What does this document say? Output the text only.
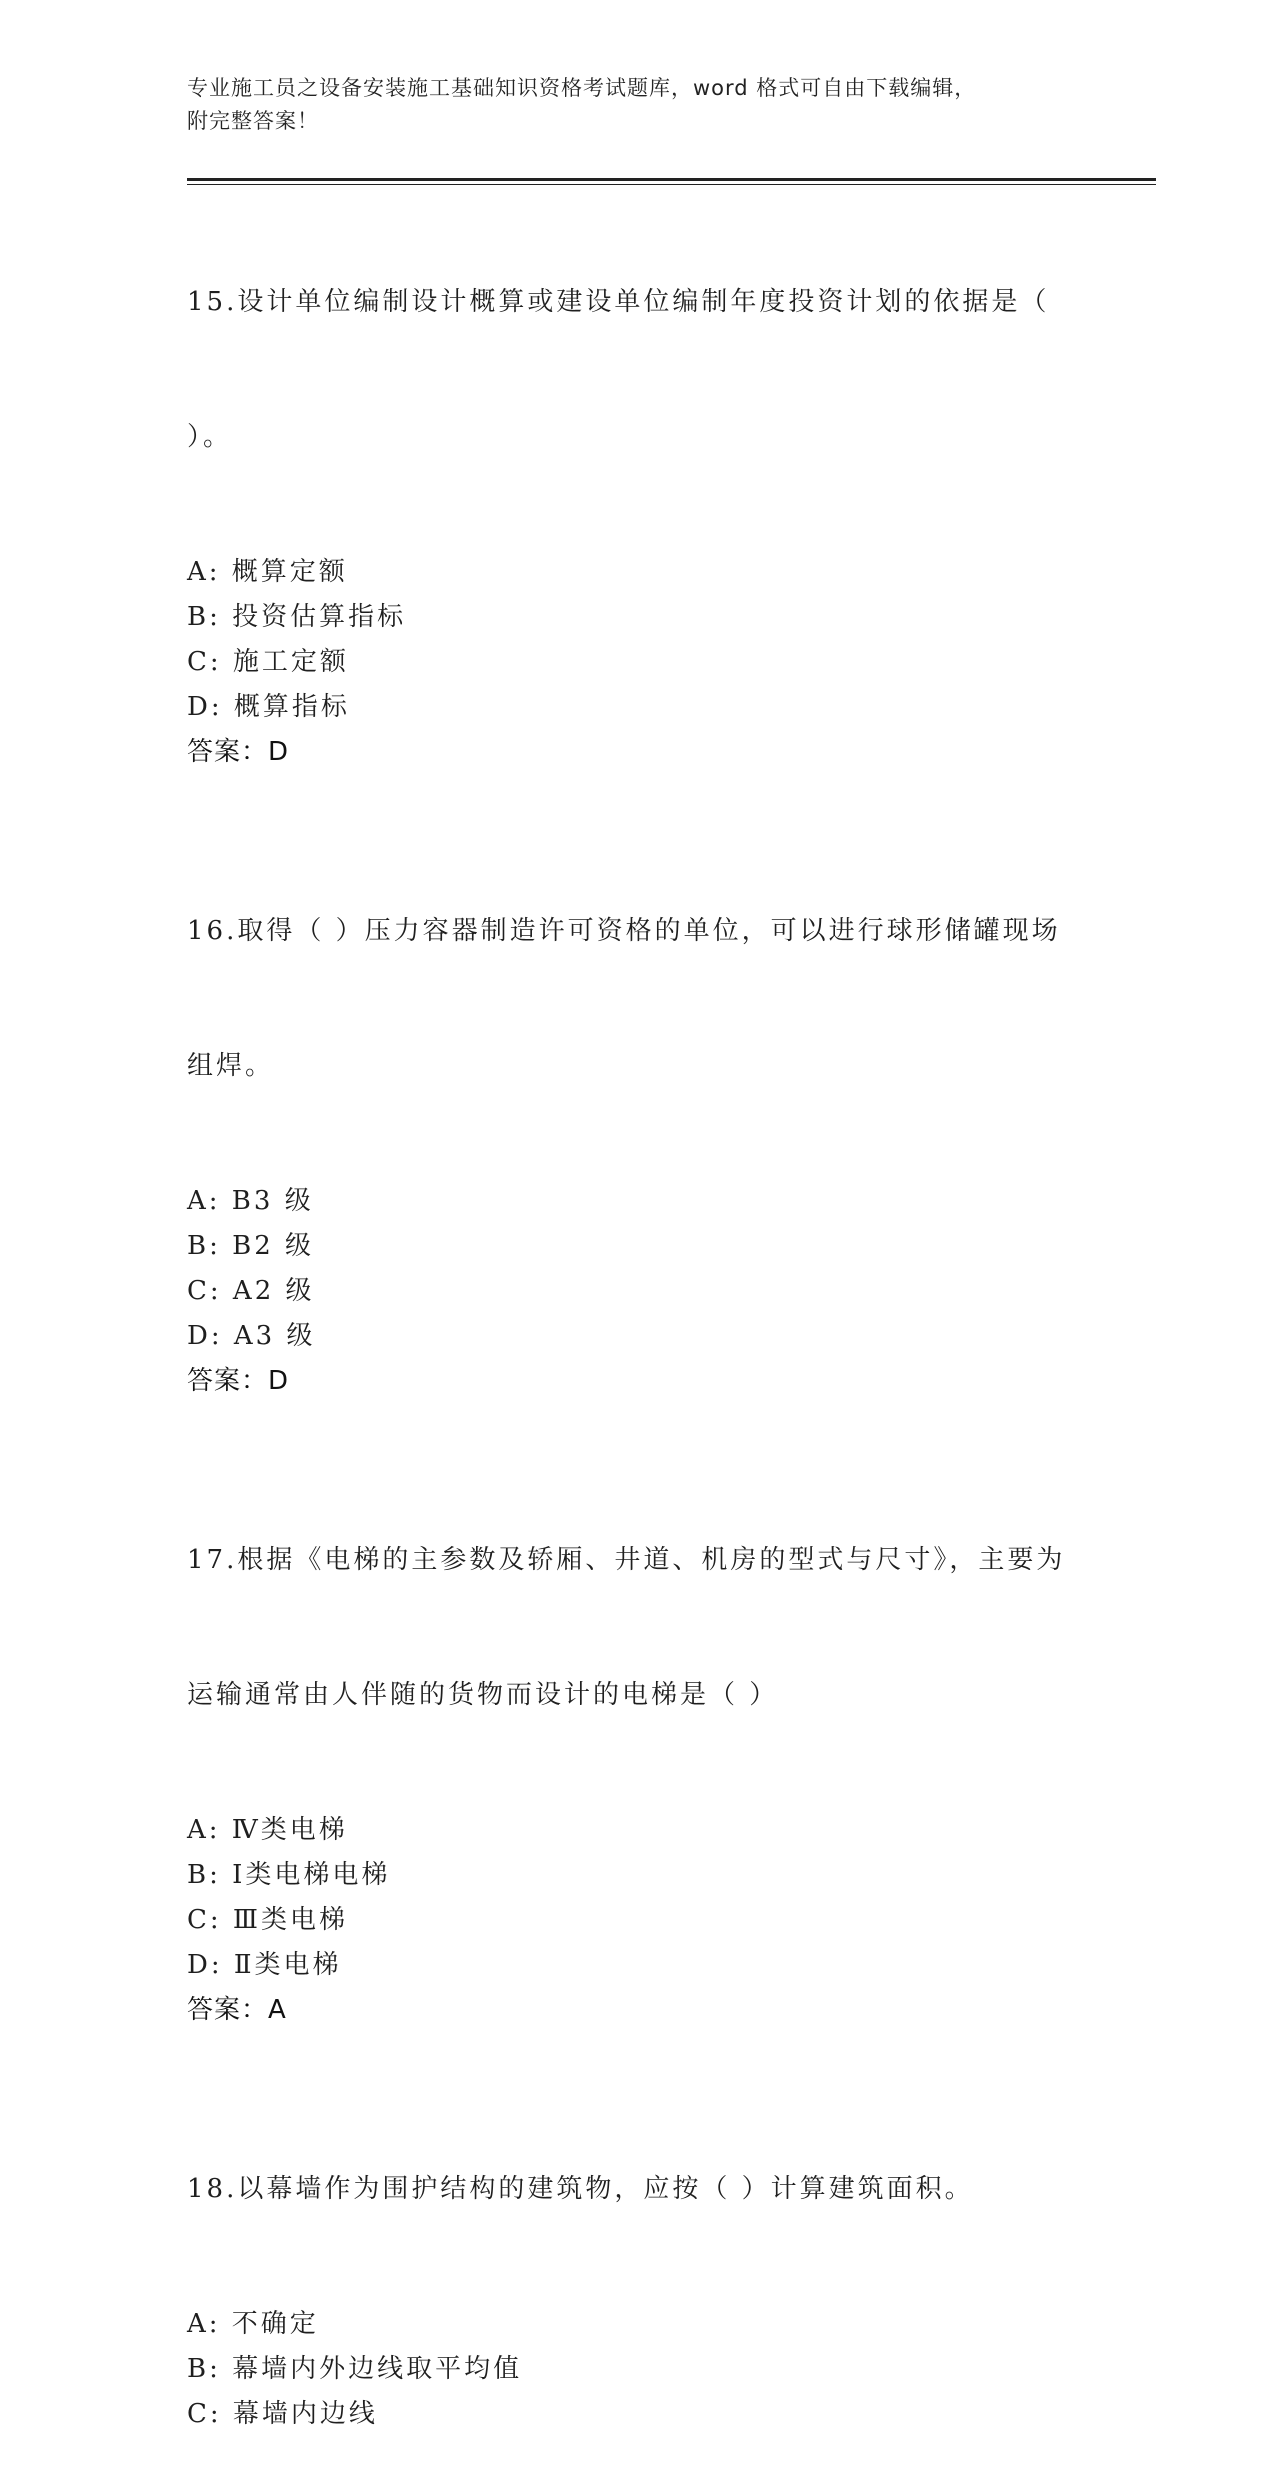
专业施工员之设备安装施工基础知识资格考试题库，word 格式可自由下载编辑，
附完整答案！

15.设计单位编制设计概算或建设单位编制年度投资计划的依据是（

）。

A: 概算定额
B: 投资估算指标
C: 施工定额
D: 概算指标
答案：D

16.取得（ ）压力容器制造许可资格的单位，可以进行球形储罐现场

组焊。

A: B3 级
B: B2 级
C: A2 级
D: A3 级
答案：D

17.根据《电梯的主参数及轿厢、井道、机房的型式与尺寸》，主要为

运输通常由人伴随的货物而设计的电梯是（ ）

A: Ⅳ类电梯
B: Ⅰ类电梯电梯
C: Ⅲ类电梯
D: Ⅱ类电梯
答案：A

18.以幕墙作为围护结构的建筑物，应按（ ）计算建筑面积。

A: 不确定
B: 幕墙内外边线取平均值
C: 幕墙内边线
